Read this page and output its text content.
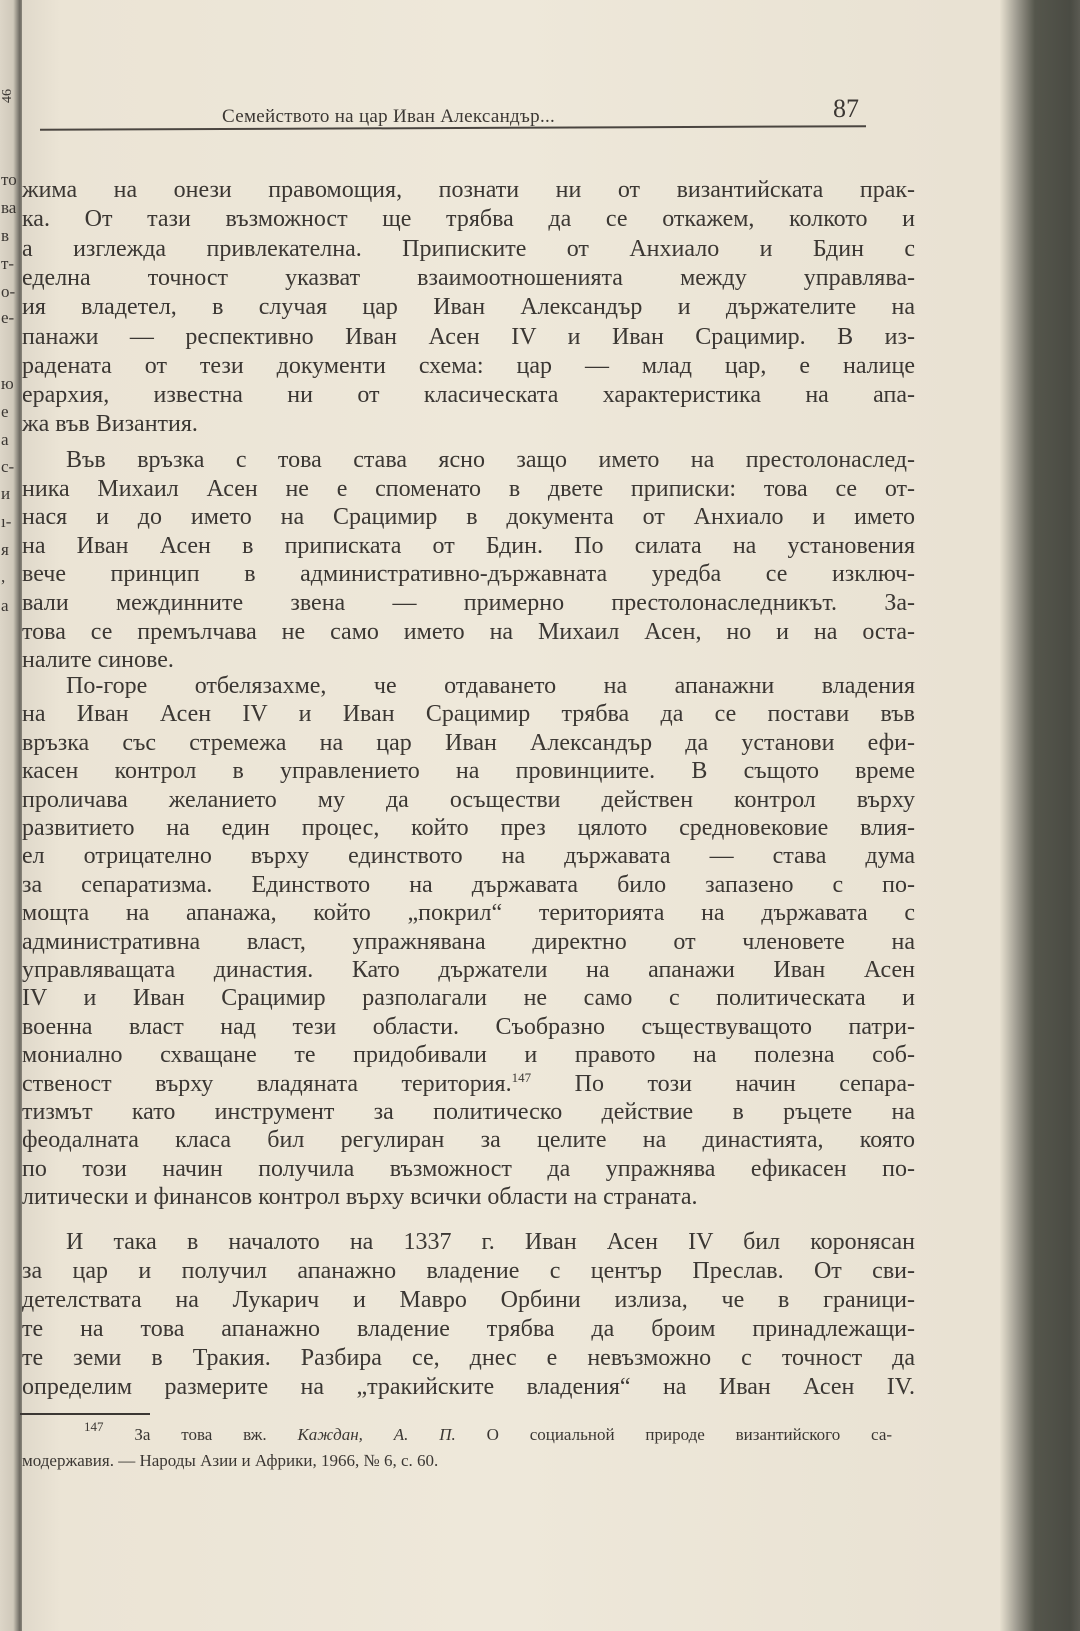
46
то
ва
в
т-
о-
е-
ю
е
а
с-
и
ı-
я
,
а
Семейството на цар Иван Александър...	87
жима на онези правомощия, познати ни от византийската прак-
ка. От тази възможност ще трябва да се откажем, колкото и
а изглежда привлекателна. Приписките от Анхиало и Бдин с
еделна точност указват взаимоотношенията между управлява-
ия владетел, в случая цар Иван Александър и държателите на
панажи — респективно Иван Асен IV и Иван Срацимир. В из-
радената от тези документи схема: цар — млад цар, е налице
ерархия, известна ни от класическата характеристика на апа-
жа във Византия.
Във връзка с това става ясно защо името на престолонаслед-
ника Михаил Асен не е споменато в двете приписки: това се от-
нася и до името на Срацимир в документа от Анхиало и името
на Иван Асен в приписката от Бдин. По силата на установения
вече принцип в административно-държавната уредба се изключ-
вали междинните звена — примерно престолонаследникът. За-
това се премълчава не само името на Михаил Асен, но и на оста-
налите синове.
По-горе отбелязахме, че отдаването на апанажни владения
на Иван Асен IV и Иван Срацимир трябва да се постави във
връзка със стремежа на цар Иван Александър да установи ефи-
касен контрол в управлението на провинциите. В същото време
проличава желанието му да осъществи действен контрол върху
развитието на един процес, който през цялото средновековие влия-
ел отрицателно върху единството на държавата — става дума
за сепаратизма. Единството на държавата било запазено с по-
мощта на апанажа, който „покрил“ територията на държавата с
административна власт, упражнявана директно от членовете на
управляващата династия. Като държатели на апанажи Иван Асен
IV и Иван Срацимир разполагали не само с политическата и
военна власт над тези области. Съобразно съществуващото патри-
мониално схващане те придобивали и правото на полезна соб-
ственост върху владяната територия.$^{147}$ По този начин сепара-
тизмът като инструмент за политическо действие в ръцете на
феодалната класа бил регулиран за целите на династията, която
по този начин получила възможност да упражнява ефикасен по-
литически и финансов контрол върху всички области на страната.
И така в началото на 1337 г. Иван Асен IV бил коронясан
за цар и получил апанажно владение с център Преслав. От сви-
детелствата на Лукарич и Мавро Орбини излиза, че в граници-
те на това апанажно владение трябва да броим принадлежащи-
те земи в Тракия. Разбира се, днес е невъзможно с точност да
определим размерите на „тракийските владения“ на Иван Асен IV.
$^{147}$ За това вж. Каждан, А. П. О социальной природе византийского са-
модержавия. — Народы Азии и Африки, 1966, № 6, с. 60.
